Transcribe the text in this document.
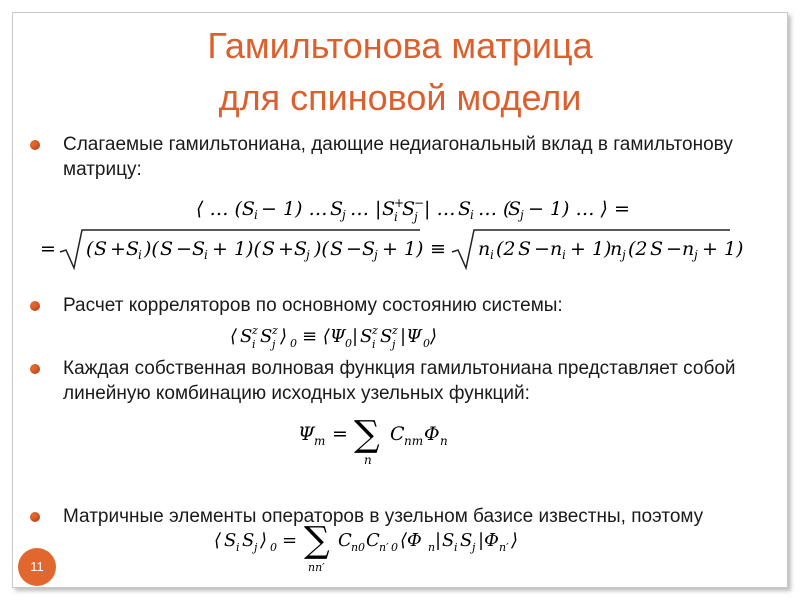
Гамильтонова матрица
для спиновой модели
Слагаемые гамильтониана, дающие недиагональный вклад в гамильтонову матрицу:
⟨ … (S i − 1) … S
j … | S
+
i S
−
j | … S
i … (
S
j − 1) … ⟩ =
= ( S + S
i )( S − S
i + 1)( S + S
j )( S − S
j + 1) ≡ n i (2 S − n i + 1)
n j (2 S − n j + 1)
Расчет корреляторов по основному состоянию системы:
⟨ S z
i S z
j ⟩ 0 ≡ ⟨Ψ 0 | S z
i S z
j |Ψ 0 ⟩
Каждая собственная волновая функция гамильтониана представляет собой линейную комбинацию исходных узельных функций:
Ψ m = ∑
n
C nm Φ n
Матричные элементы операторов в узельном базисе известны, поэтому
⟨ S i S j ⟩ 0 = ∑
nn′
C n 0 C n′ 0 ⟨Φ n | S i S j |Φ n′ ⟩
11
